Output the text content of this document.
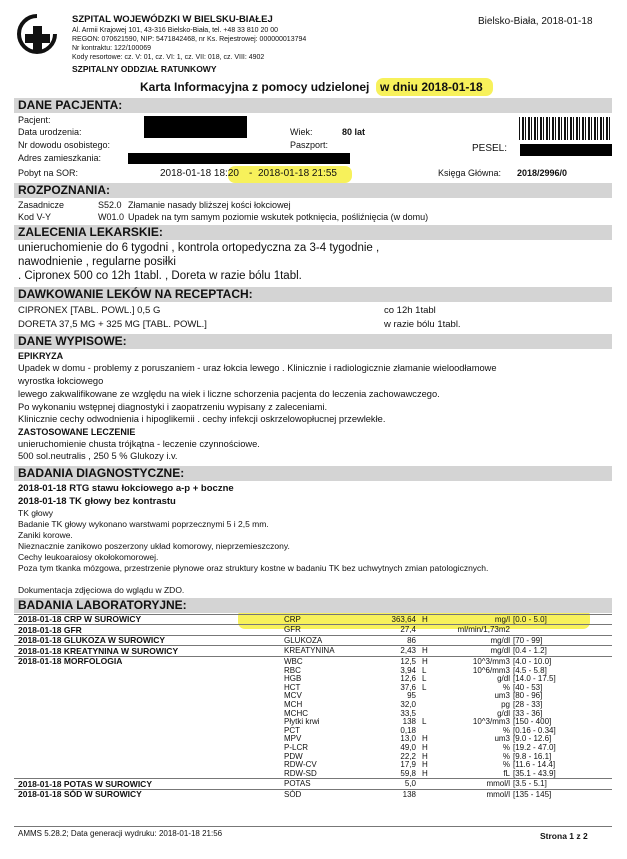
SZPITAL WOJEWÓDZKI W BIELSKU-BIAŁEJ
Al. Armii Krajowej 101, 43-316 Bielsko-Biała, tel. +48 33 810 20 00
REGON: 070621590, NIP: 5471842468, nr Ks. Rejestrowej: 000000013794
Nr kontraktu: 122/100069
Kody resortowe: cz. V: 01, cz. VI: 1, cz. VII: 018, cz. VIII: 4902
SZPITALNY ODDZIAŁ RATUNKOWY
Bielsko-Biała, 2018-01-18
Karta Informacyjna z pomocy udzielonej w dniu 2018-01-18
DANE PACJENTA:
Pacjent:
Data urodzenia:
Nr dowodu osobistego:
Adres zamieszkania:
Wiek:	80 lat
Paszport:	PESEL:
Pobyt na SOR:	2018-01-18 18:20 - 2018-01-18 21:55	Księga Główna: 2018/2996/0
ROZPOZNANIA:
Zasadnicze	S52.0 Złamanie nasady bliższej kości łokciowej
Kod V-Y	W01.0 Upadek na tym samym poziomie wskutek potknięcia, pośliźnięcia (w domu)
ZALECENIA LEKARSKIE:
unieruchomienie do 6 tygodni , kontrola ortopedyczna za 3-4 tygodnie ,
nawodnienie , regularne posiłki
. Cipronex 500 co 12h 1tabl. , Doreta w razie bólu 1tabl.
DAWKOWANIE LEKÓW NA RECEPTACH:
CIPRONEX [TABL. POWL.] 0,5 G	co 12h 1tabl
DORETA 37,5 MG + 325 MG [TABL. POWL.]	w razie bólu 1tabl.
DANE WYPISOWE:
EPIKRYZA
Upadek w domu - problemy z poruszaniem - uraz łokcia lewego . Klinicznie i radiologicznie złamanie wieloodłamowe
wyrostka łokciowego
lewego zakwalifikowane ze względu na wiek i liczne schorzenia pacjenta do leczenia zachowawczego.
Po wykonaniu wstępnej diagnostyki i zaopatrzeniu wypisany z zaleceniami.
Klinicznie cechy odwodnienia i hipoglikemii . cechy infekcji oskrzelowopłucnej przewlekłe.
ZASTOSOWANE LECZENIE
unieruchomienie chusta trójkątna - leczenie czynnościowe.
500 sol.neutralis , 250 5 % Glukozy i.v.
BADANIA DIAGNOSTYCZNE:
2018-01-18 RTG stawu łokciowego a-p + boczne
2018-01-18 TK głowy bez kontrastu
TK głowy
Badanie TK głowy wykonano warstwami poprzecznymi 5 i 2,5 mm.
Zaniki korowe.
Nieznacznie zanikowo poszerzony układ komorowy, nieprzemieszczony.
Cechy leukoaraiosy okołokomorowej.
Poza tym tkanka mózgowa, przestrzenie płynowe oraz struktury kostne w badaniu TK bez uchwytnych zmian patologicznych.
Dokumentacja zdjęciowa do wglądu w ZDO.
BADANIA LABORATORYJNE:
2018-01-18 CRP W SUROWICY	CRP	363,64 H	mg/l [0.0 - 5.0]
2018-01-18 GFR	GFR	27,4	ml/min/1,73m2
2018-01-18 GLUKOZA W SUROWICY	GLUKOZA	86	mg/dl [70 - 99]
2018-01-18 KREATYNINA W SUROWICY	KREATYNINA	2,43 H	mg/dl [0.4 - 1.2]
2018-01-18 MORFOLOGIA	WBC	12,5 H	10^3/mm3 [4.0 - 10.0]
RBC	3,94 L	10^6/mm3 [4.5 - 5.8]
HGB	12,6 L	g/dl [14.0 - 17.5]
HCT	37,6 L	% [40 - 53]
MCV	95	um3 [80 - 96]
MCH	32,0	pg [28 - 33]
MCHC	33,5	g/dl [33 - 36]
Płytki krwi	138 L	10^3/mm3 [150 - 400]
PCT	0,18	% [0.16 - 0.34]
MPV	13,0 H	um3 [9.0 - 12.6]
P-LCR	49,0 H	% [19.2 - 47.0]
PDW	22,2 H	% [9.8 - 16.1]
RDW-CV	17,9 H	% [11.6 - 14.4]
RDW-SD	59,8 H	fL [35.1 - 43.9]
2018-01-18 POTAS W SUROWICY	POTAS	5,0	mmol/l [3.5 - 5.1]
2018-01-18 SÓD W SUROWICY	SÓD	138	mmol/l [135 - 145]
AMMS 5.28.2; Data generacji wydruku: 2018-01-18 21:56	Strona 1 z 2
